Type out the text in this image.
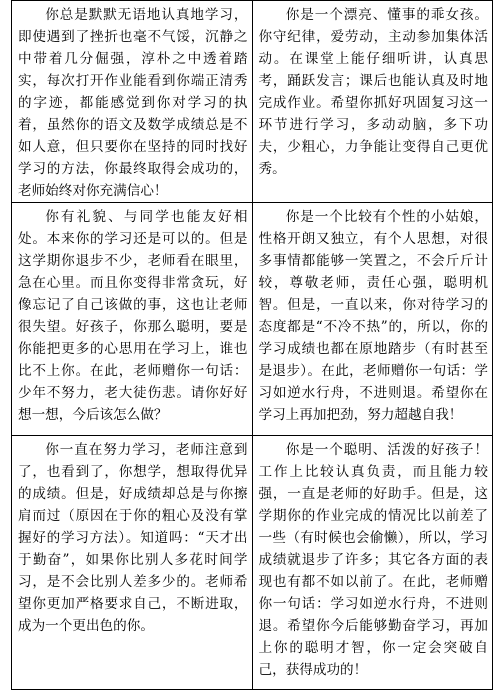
你总是默默无语地认真地学习，即使遇到了挫折也毫不气馁，沉静之中带着几分倔强，淳朴之中透着踏实，每次打开作业能看到你端正清秀的字迹，都能感觉到你对学习的执着，虽然你的语文及数学成绩总是不如人意，但只要你在坚持的同时找好学习的方法，你最终取得会成功的，老师始终对你充满信心！	你是一个漂亮、懂事的乖女孩。你守纪律，爱劳动，主动参加集体活动。在课堂上能仔细听讲，认真思考，踊跃发言；课后也能认真及时地完成作业。希望你抓好巩固复习这一环节进行学习，多动动脑，多下功夫，少粗心，力争能让变得自己更优秀。
你有礼貌、与同学也能友好相处。本来你的学习还是可以的。但是这学期你退步不少，老师看在眼里，急在心里。而且你变得非常贪玩，好像忘记了自己该做的事，这也让老师很失望。好孩子，你那么聪明，要是你能把更多的心思用在学习上，谁也比不上你。在此，老师赠你一句话：少年不努力，老大徒伤悲。请你好好想一想，今后该怎么做？	你是一个比较有个性的小姑娘，性格开朗又独立，有个人思想，对很多事情都能够一笑置之，不会斤斤计较，尊敬老师，责任心强，聪明机智。但是，一直以来，你对待学习的态度都是“不冷不热”的，所以，你的学习成绩也都在原地踏步（有时甚至是退步）。在此，老师赠你一句话：学习如逆水行舟，不进则退。希望你在学习上再加把劲，努力超越自我！
你一直在努力学习，老师注意到了，也看到了，你想学，想取得优异的成绩。但是，好成绩却总是与你擦肩而过（原因在于你的粗心及没有掌握好的学习方法）。知道吗：“天才出于勤奋”，如果你比别人多花时间学习，是不会比别人差多少的。老师希望你更加严格要求自己，不断进取，成为一个更出色的你。	你是一个聪明、活泼的好孩子！工作上比较认真负责，而且能力较强，一直是老师的好助手。但是，这学期你的作业完成的情况比以前差了一些（有时候也会偷懒），所以，学习成绩就退步了许多；其它各方面的表现也有都不如以前了。在此，老师赠你一句话：学习如逆水行舟，不进则退。希望你今后能够勤奋学习，再加上你的聪明才智，你一定会突破自己，获得成功的！
